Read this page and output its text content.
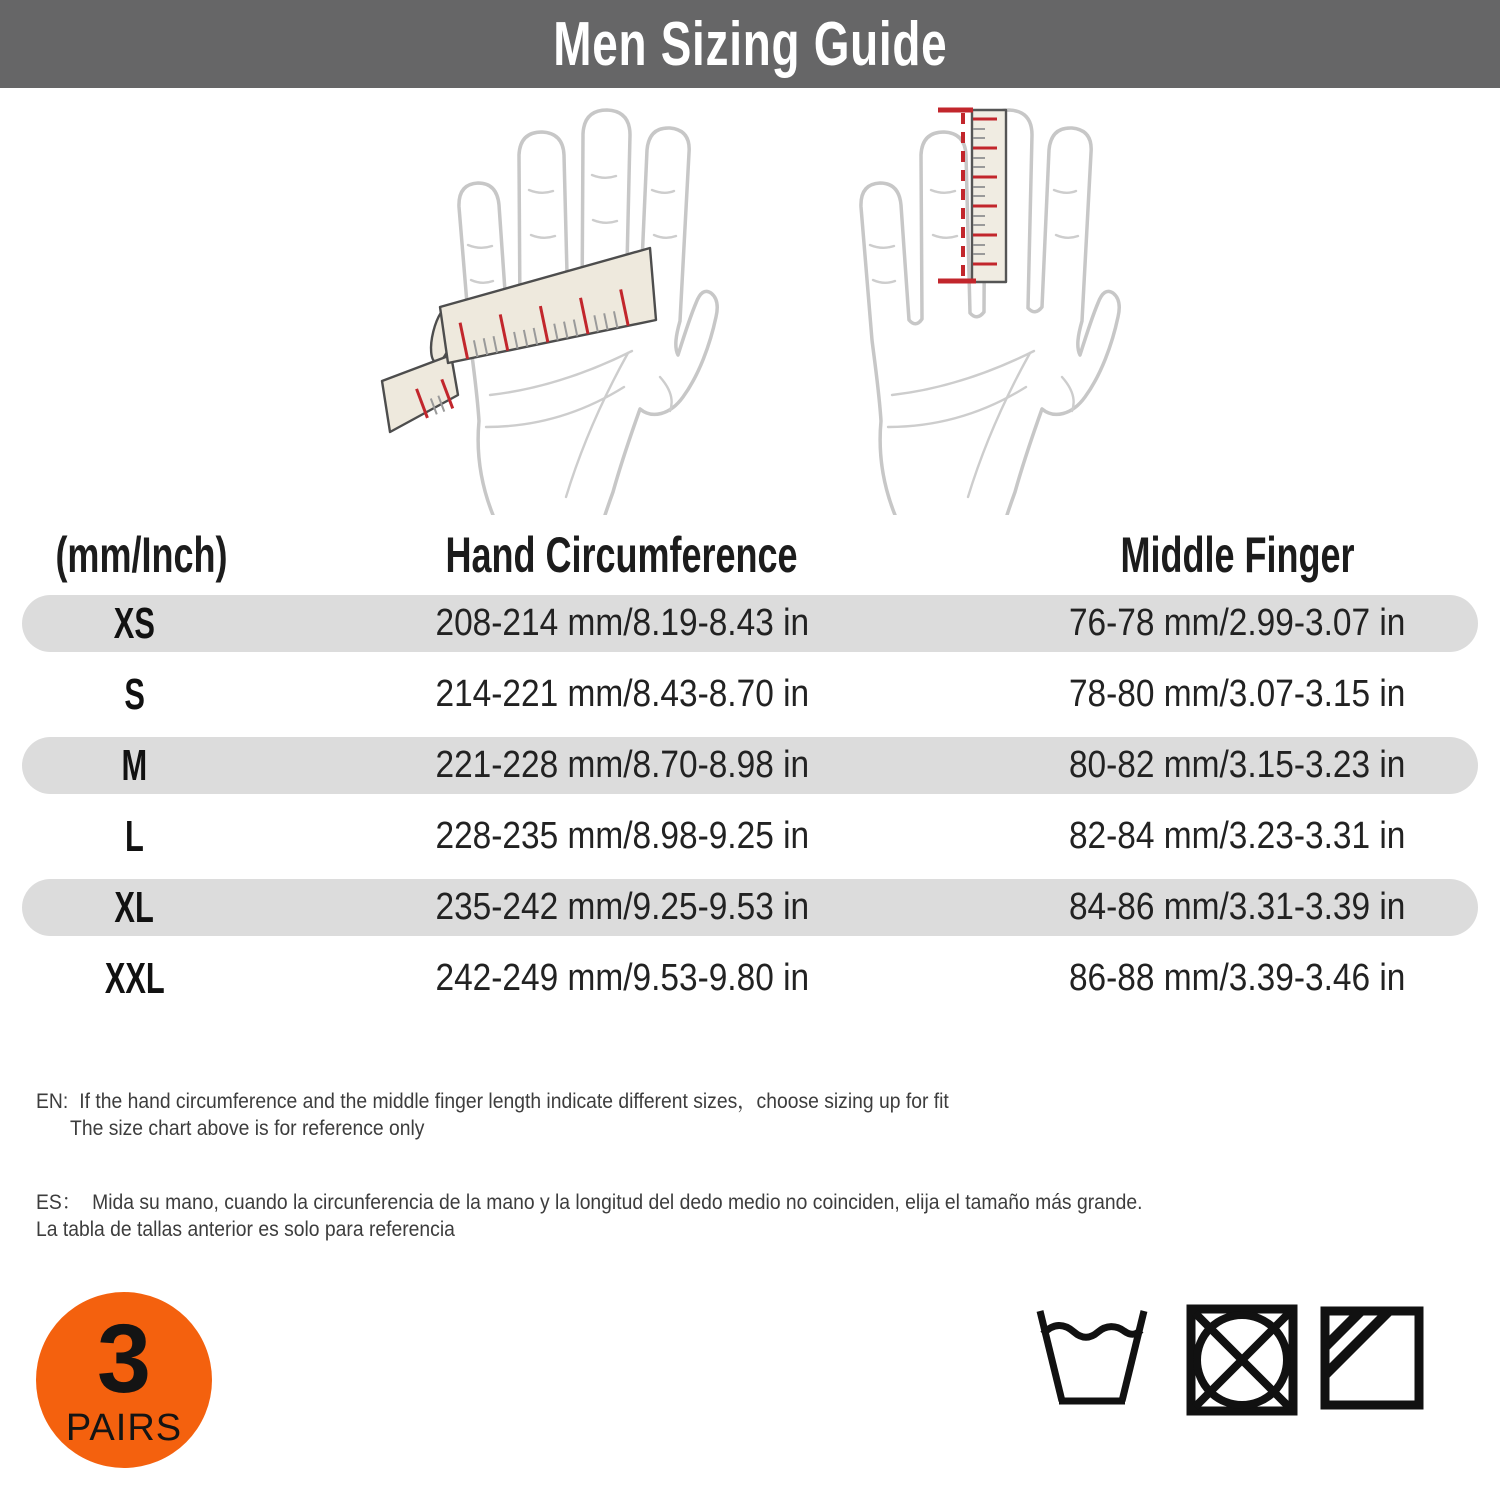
Men Sizing Guide
(mm/Inch)	Hand Circumference	Middle Finger
XS	208-214 mm/8.19-8.43 in	76-78 mm/2.99-3.07 in
S	214-221 mm/8.43-8.70 in	78-80 mm/3.07-3.15 in
M	221-228 mm/8.70-8.98 in	80-82 mm/3.15-3.23 in
L	228-235 mm/8.98-9.25 in	82-84 mm/3.23-3.31 in
XL	235-242 mm/9.25-9.53 in	84-86 mm/3.31-3.39 in
XXL	242-249 mm/9.53-9.80 in	86-88 mm/3.39-3.46 in
EN: If the hand circumference and the middle finger length indicate different sizes，choose sizing up for fit
The size chart above is for reference only
ES： Mida su mano, cuando la circunferencia de la mano y la longitud del dedo medio no coinciden, elija el tamaño más grande.
La tabla de tallas anterior es solo para referencia
3
PAIRS
